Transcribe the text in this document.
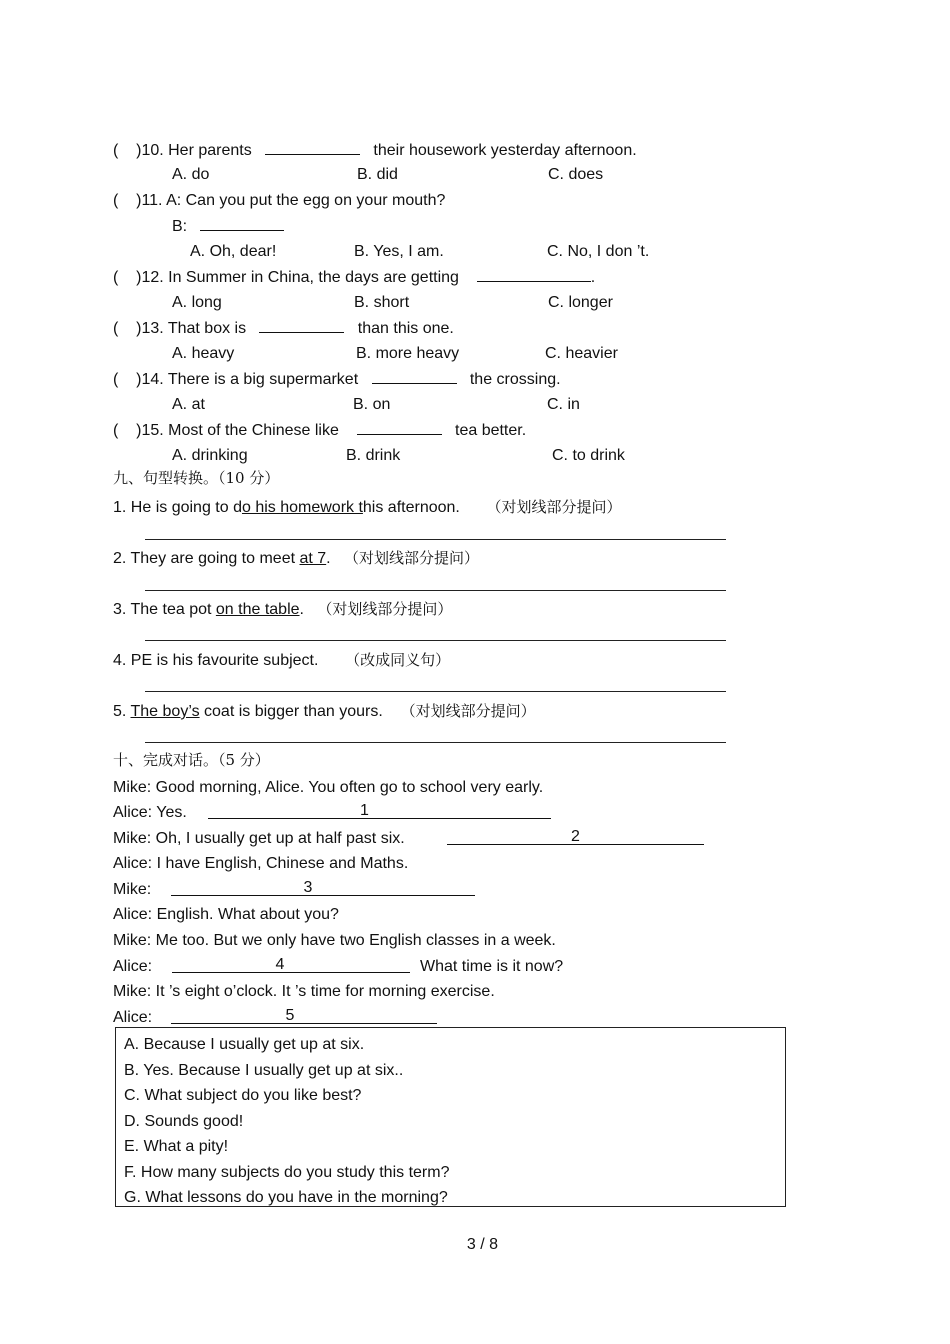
(    )10. Her parents	their housework yesterday afternoon.
A. do	B. did	C. does
(    )11. A: Can you put the egg on your mouth?
B:
A. Oh, dear!	B. Yes, I am.	C. No, I don ’t.
(    )12. In Summer in China, the days are getting	.
A. long	B. short	C. longer
(    )13. That box is	than this one.
A. heavy	B. more heavy	C. heavier
(    )14. There is a big supermarket	the crossing.
A. at	B. on	C. in
(    )15. Most of the Chinese like	tea better.
A. drinking	B. drink	C. to drink
九、句型转换。（10 分）
1. He is going to do his homework this afternoon. （对划线部分提问）
2. They are going to meet at 7. （对划线部分提问）
3. The tea pot on the table. （对划线部分提问）
4. PE is his favourite subject. （改成同义句）
5. The boy’s coat is bigger than yours. （对划线部分提问）
十、完成对话。（5 分）
Mike: Good morning, Alice. You often go to school very early.
Alice: Yes.	1
Mike: Oh, I usually get up at half past six.	2
Alice: I have English, Chinese and Maths.
Mike:	3
Alice: English. What about you?
Mike: Me too. But we only have two English classes in a week.
Alice:	4	What time is it now?
Mike: It ’s eight o’clock. It ’s time for morning exercise.
Alice:	5
A. Because I usually get up at six.
B. Yes. Because I usually get up at six..
C. What subject do you like best?
D. Sounds good!
E. What a pity!
F. How many subjects do you study this term?
G. What lessons do you have in the morning?
3 / 8
